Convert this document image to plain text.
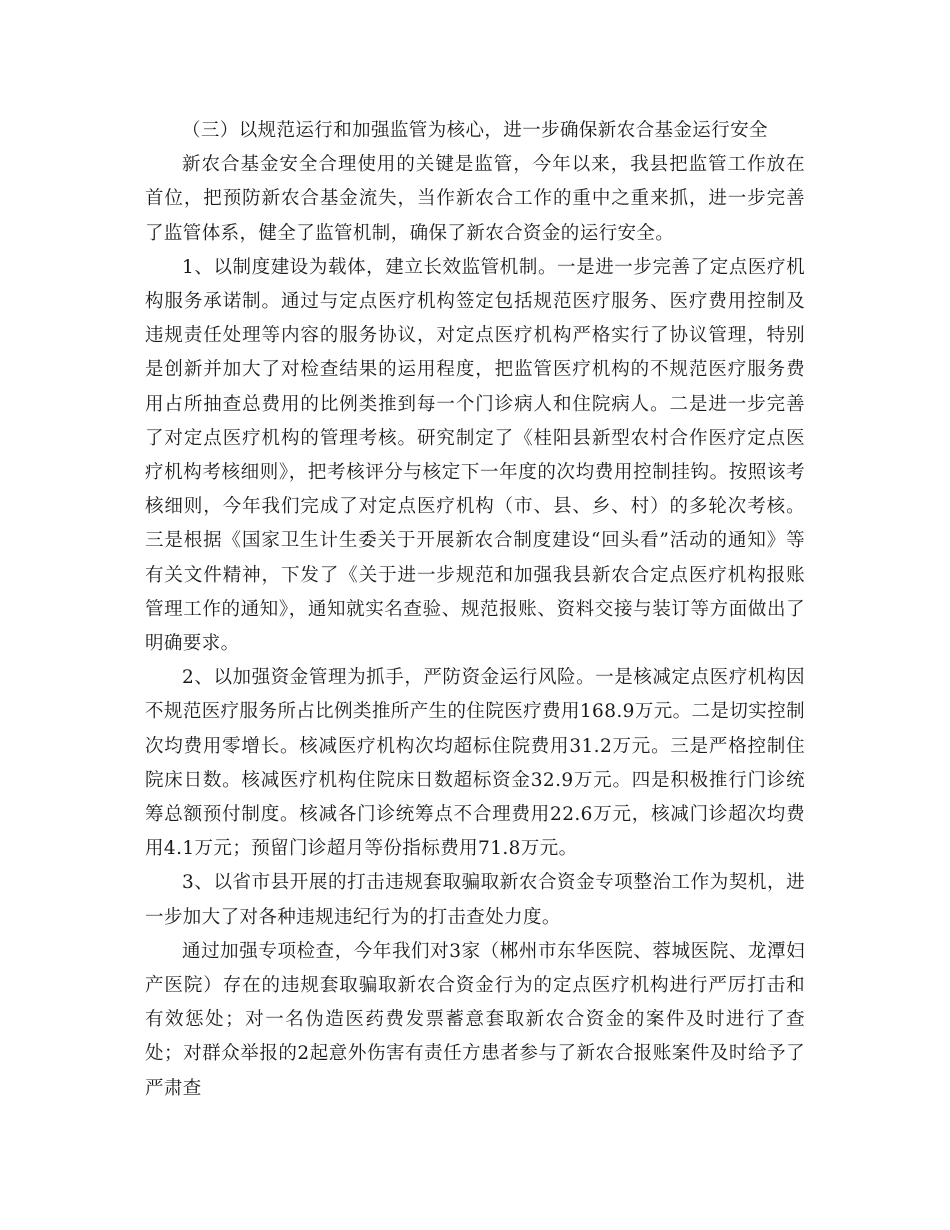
（三）以规范运行和加强监管为核心，进一步确保新农合基金运行安全

新农合基金安全合理使用的关键是监管，今年以来，我县把监管工作放在首位，把预防新农合基金流失，当作新农合工作的重中之重来抓，进一步完善了监管体系，健全了监管机制，确保了新农合资金的运行安全。

1、以制度建设为载体，建立长效监管机制。一是进一步完善了定点医疗机构服务承诺制。通过与定点医疗机构签定包括规范医疗服务、医疗费用控制及违规责任处理等内容的服务协议，对定点医疗机构严格实行了协议管理，特别是创新并加大了对检查结果的运用程度，把监管医疗机构的不规范医疗服务费用占所抽查总费用的比例类推到每一个门诊病人和住院病人。二是进一步完善了对定点医疗机构的管理考核。研究制定了《桂阳县新型农村合作医疗定点医疗机构考核细则》，把考核评分与核定下一年度的次均费用控制挂钩。按照该考核细则，今年我们完成了对定点医疗机构（市、县、乡、村）的多轮次考核。三是根据《国家卫生计生委关于开展新农合制度建设“回头看”活动的通知》等有关文件精神，下发了《关于进一步规范和加强我县新农合定点医疗机构报账管理工作的通知》，通知就实名查验、规范报账、资料交接与装订等方面做出了明确要求。

2、以加强资金管理为抓手，严防资金运行风险。一是核减定点医疗机构因不规范医疗服务所占比例类推所产生的住院医疗费用168.9万元。二是切实控制次均费用零增长。核减医疗机构次均超标住院费用31.2万元。三是严格控制住院床日数。核减医疗机构住院床日数超标资金32.9万元。四是积极推行门诊统筹总额预付制度。核减各门诊统筹点不合理费用22.6万元，核减门诊超次均费用4.1万元；预留门诊超月等份指标费用71.8万元。

3、以省市县开展的打击违规套取骗取新农合资金专项整治工作为契机，进一步加大了对各种违规违纪行为的打击查处力度。

通过加强专项检查，今年我们对3家（郴州市东华医院、蓉城医院、龙潭妇产医院）存在的违规套取骗取新农合资金行为的定点医疗机构进行严厉打击和有效惩处；对一名伪造医药费发票蓄意套取新农合资金的案件及时进行了查处；对群众举报的2起意外伤害有责任方患者参与了新农合报账案件及时给予了严肃查
